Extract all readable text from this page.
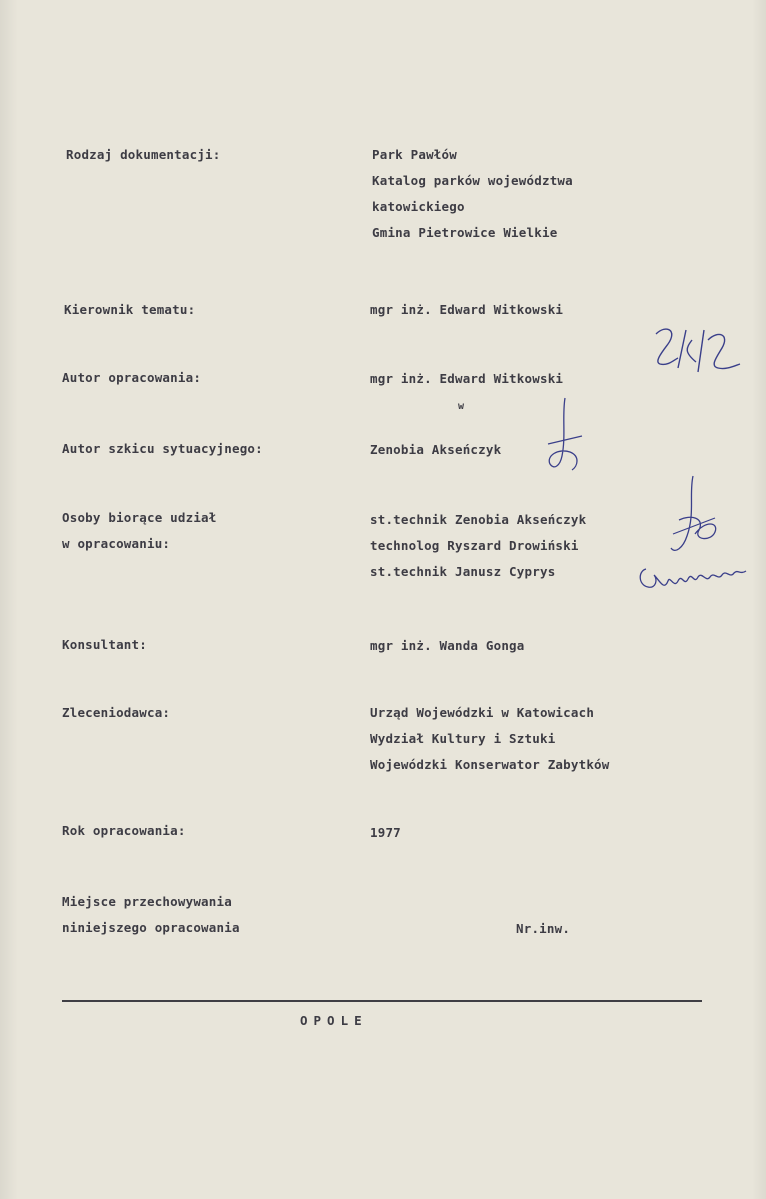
Rodzaj dokumentacji:	Park Pawłów
Katalog parków województwa
katowickiego
Gmina Pietrowice Wielkie
Kierownik tematu:	mgr inż. Edward Witkowski
Autor opracowania:	mgr inż. Edward Witkowski
w
Autor szkicu sytuacyjnego:	Zenobia Akseńczyk
Osoby biorące udział
w opracowaniu:
st.technik Zenobia Akseńczyk
technolog Ryszard Drowiński
st.technik Janusz Cyprys
Konsultant:	mgr inż. Wanda Gonga
Zleceniodawca:	Urząd Wojewódzki w Katowicach
Wydział Kultury i Sztuki
Wojewódzki Konserwator Zabytków
Rok opracowania:	1977
Miejsce przechowywania
niniejszego opracowania	Nr.inw.
OPOLE
